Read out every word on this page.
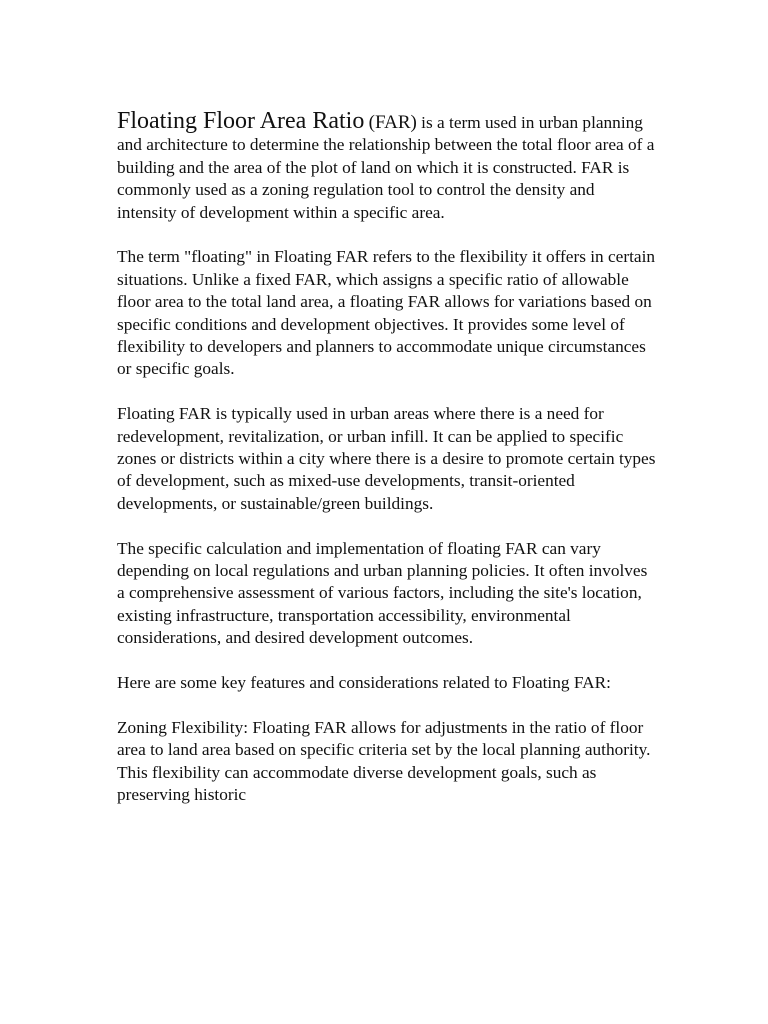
Floating Floor Area Ratio (FAR) is a term used in urban planning and architecture to determine the relationship between the total floor area of a building and the area of the plot of land on which it is constructed. FAR is commonly used as a zoning regulation tool to control the density and intensity of development within a specific area.

The term "floating" in Floating FAR refers to the flexibility it offers in certain situations. Unlike a fixed FAR, which assigns a specific ratio of allowable floor area to the total land area, a floating FAR allows for variations based on specific conditions and development objectives. It provides some level of flexibility to developers and planners to accommodate unique circumstances or specific goals.

Floating FAR is typically used in urban areas where there is a need for redevelopment, revitalization, or urban infill. It can be applied to specific zones or districts within a city where there is a desire to promote certain types of development, such as mixed-use developments, transit-oriented developments, or sustainable/green buildings.

The specific calculation and implementation of floating FAR can vary depending on local regulations and urban planning policies. It often involves a comprehensive assessment of various factors, including the site's location, existing infrastructure, transportation accessibility, environmental considerations, and desired development outcomes.

Here are some key features and considerations related to Floating FAR:

Zoning Flexibility: Floating FAR allows for adjustments in the ratio of floor area to land area based on specific criteria set by the local planning authority. This flexibility can accommodate diverse development goals, such as preserving historic
